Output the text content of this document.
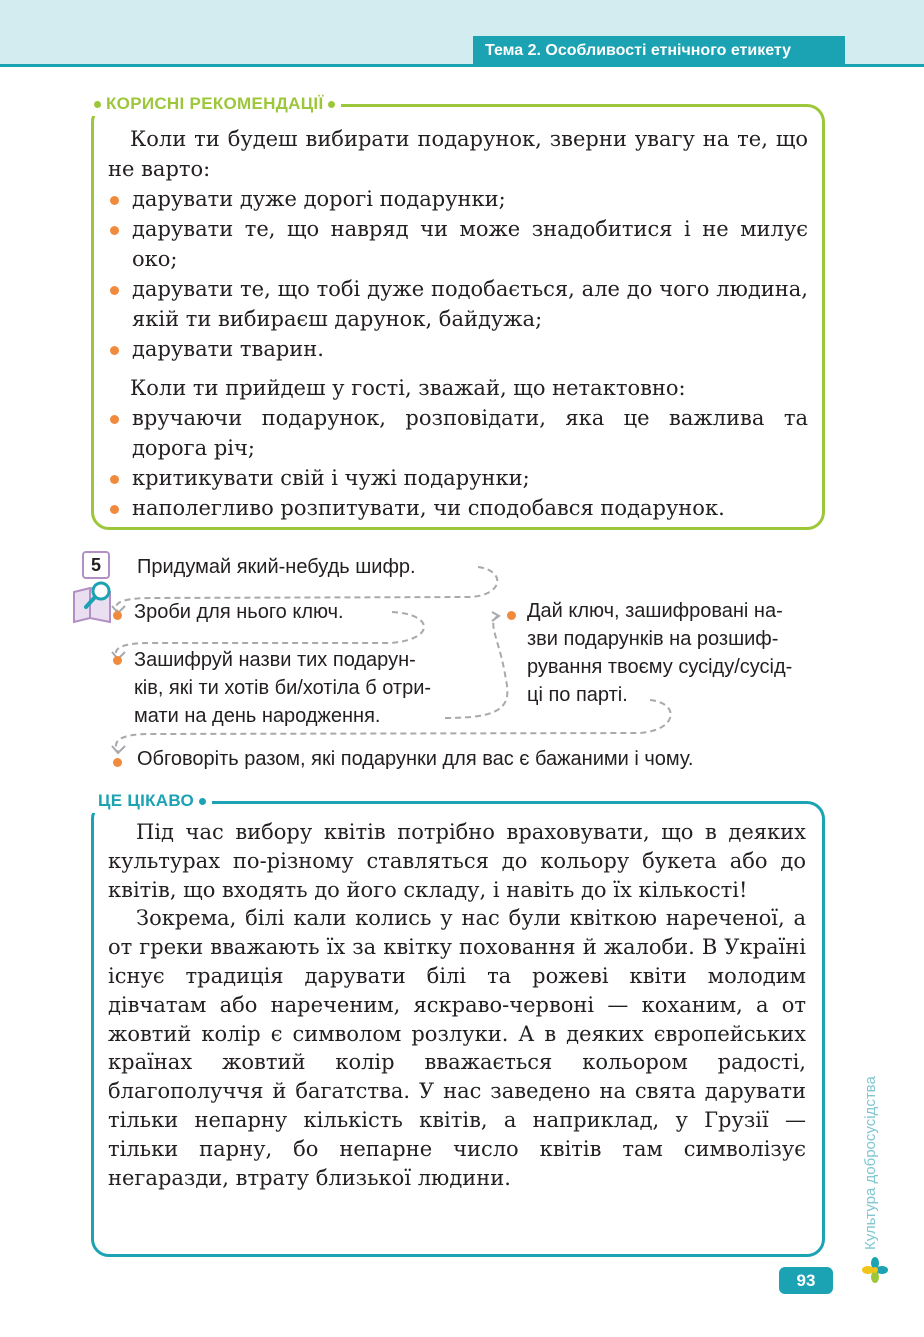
Тема 2. Особливості етнічного етикету
КОРИСНІ РЕКОМЕНДАЦІЇ

Коли ти будеш вибирати подарунок, зверни увагу на те, що не варто:

дарувати дуже дорогі подарунки;
дарувати те, що навряд чи може знадобитися і не милує око;
дарувати те, що тобі дуже подобається, але до чого людина, якій ти вибираєш дарунок, байдужа;
дарувати тварин.

Коли ти прийдеш у гості, зважай, що нетактовно:

вручаючи подарунок, розповідати, яка це важлива та дорога річ;
критикувати свій і чужі подарунки;
наполегливо розпитувати, чи сподобався подарунок.
5	Придумай який-небудь шифр.
Зроби для нього ключ.
Зашифруй назви тих подарун-
ків, які ти хотів би/хотіла б отри-
мати на день народження.
Дай ключ, зашифровані на-
зви подарунків на розшиф-
рування твоєму сусіду/сусід-
ці по парті.
Обговоріть разом, які подарунки для вас є бажаними і чому.
ЦЕ ЦІКАВО

Під час вибору квітів потрібно враховувати, що в деяких культурах по-різному ставляться до кольору букета або до квітів, що входять до його складу, і навіть до їх кількості!

Зокрема, білі кали колись у нас були квіткою нареченої, а от греки вважають їх за квітку поховання й жалоби. В Україні існує традиція дарувати білі та рожеві квіти молодим дівчатам або нареченим, яскраво-червоні — коханим, а от жовтий колір є символом розлуки. А в деяких європейських країнах жовтий колір вважається кольором радості, благополуччя й багатства. У нас заведено на свята дарувати тільки непарну кількість квітів, а наприклад, у Грузії — тільки парну, бо непарне число квітів там символізує негаразди, втрату близької людини.	Культура добросусідства
93
